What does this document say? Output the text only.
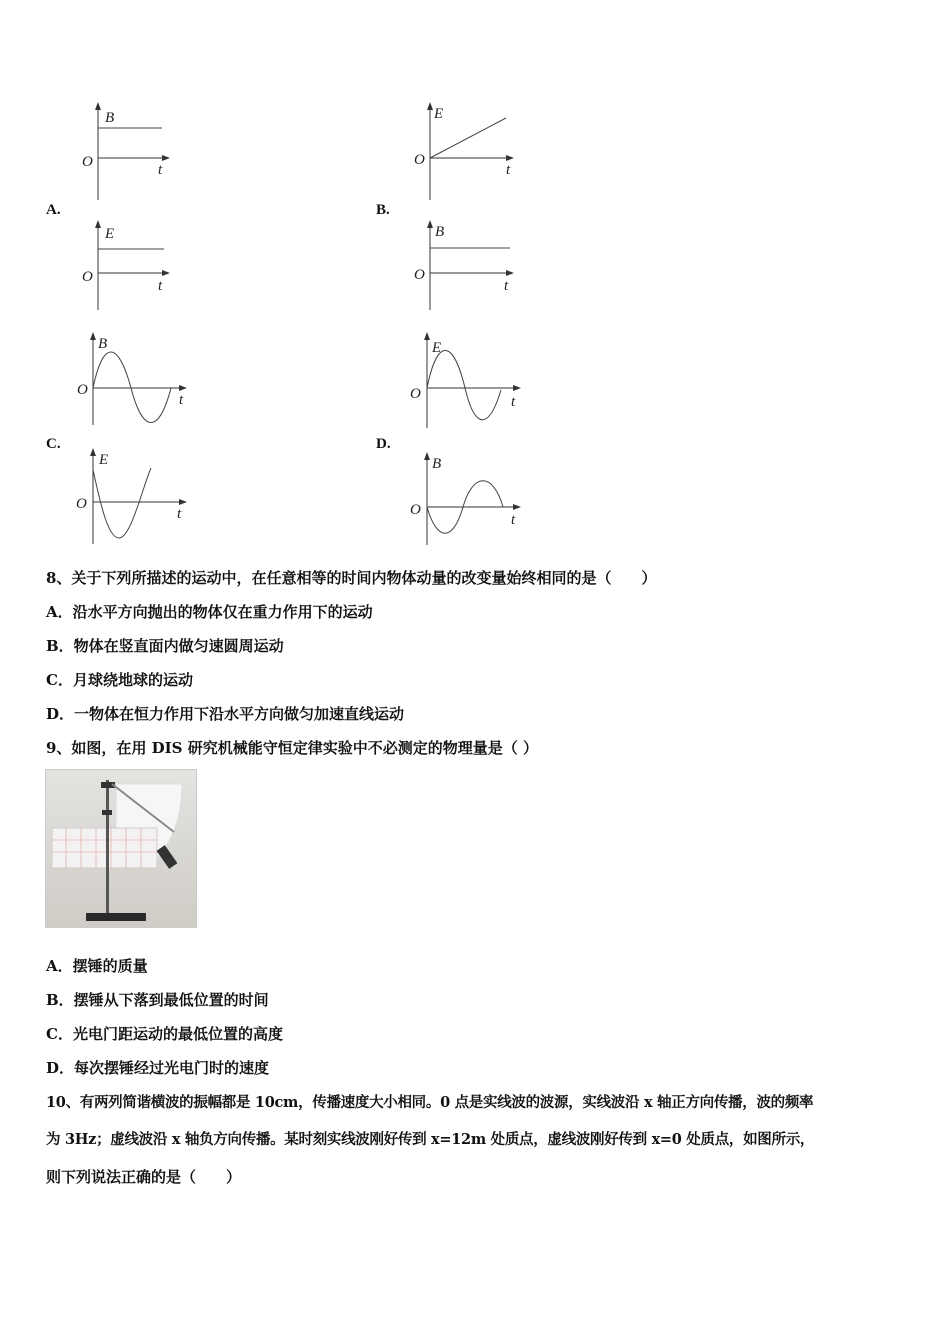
A.	B.
C.	D.
B
O	t
E
O
t
E
O
t
B
O
t
B
O
t
E
O
t
E
O	t
B
O
t
8、关于下列所描述的运动中，在任意相等的时间内物体动量的改变量始终相同的是（　　）
A．沿水平方向抛出的物体仅在重力作用下的运动
B．物体在竖直面内做匀速圆周运动
C．月球绕地球的运动
D．一物体在恒力作用下沿水平方向做匀加速直线运动
9、如图，在用 DIS 研究机械能守恒定律实验中不必测定的物理量是（ ）
A．摆锤的质量
B．摆锤从下落到最低位置的时间
C．光电门距运动的最低位置的高度
D．每次摆锤经过光电门时的速度
10、有两列简谐横波的振幅都是 10cm，传播速度大小相同。0 点是实线波的波源，实线波沿 x 轴正方向传播，波的频率
为 3Hz；虚线波沿 x 轴负方向传播。某时刻实线波刚好传到 x=12m 处质点，虚线波刚好传到 x=0 处质点，如图所示，
则下列说法正确的是（　　）
